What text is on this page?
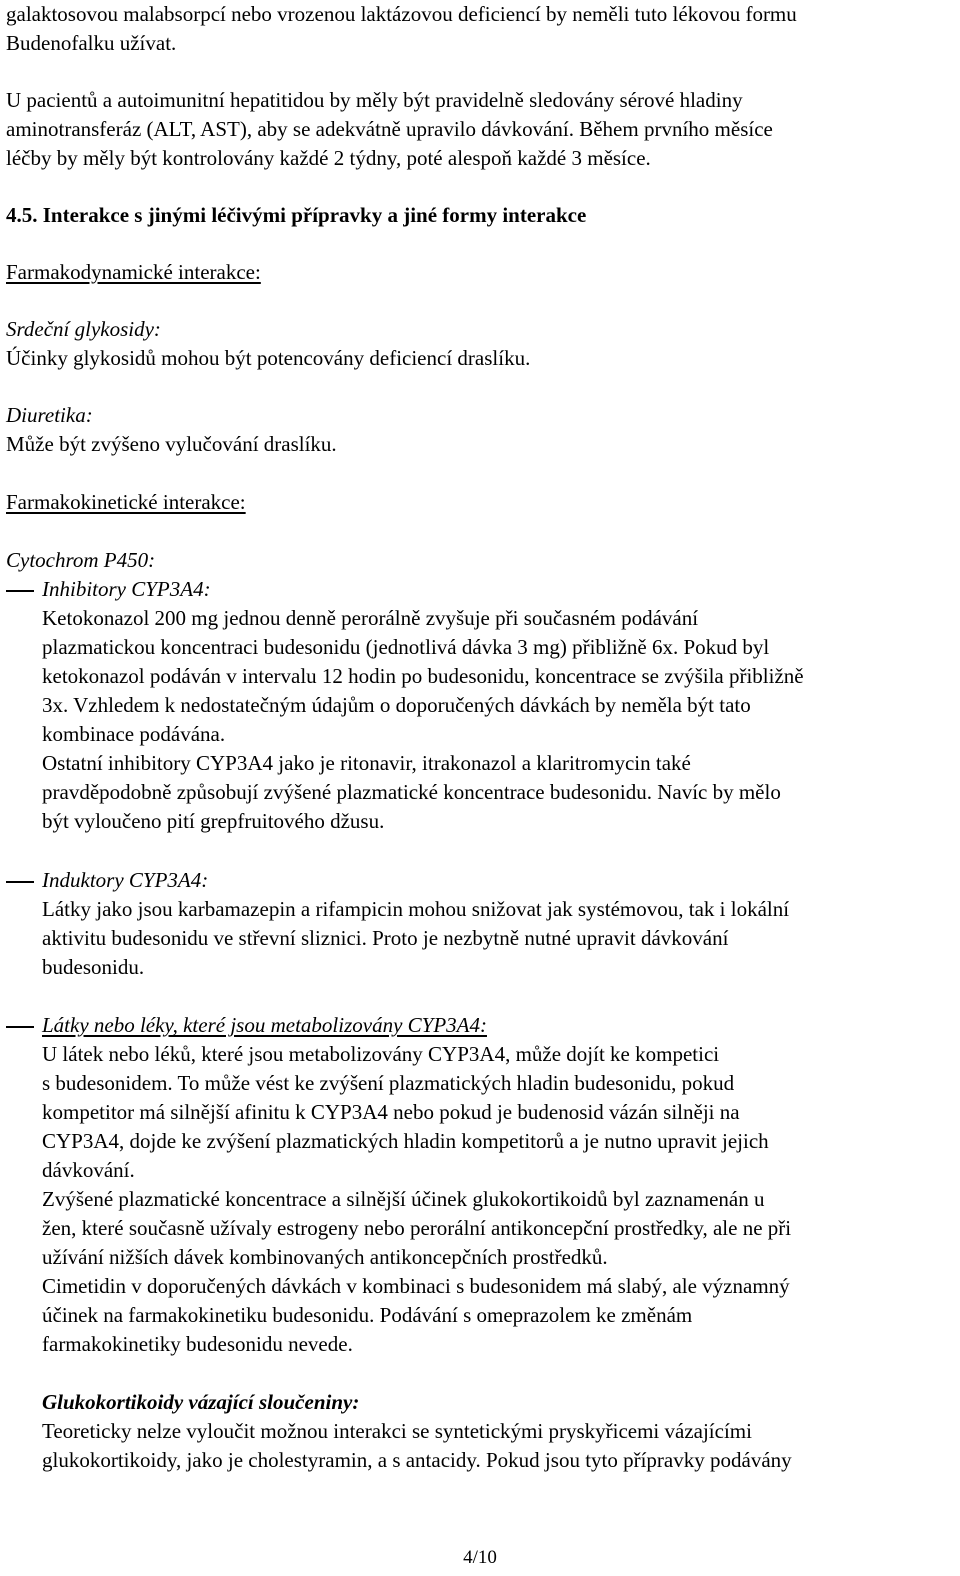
galaktosovou malabsorpcí nebo vrozenou laktázovou deficiencí by neměli tuto lékovou formu
Budenofalku užívat.
U pacientů a autoimunitní hepatitidou by měly být pravidelně sledovány sérové hladiny
aminotransferáz (ALT, AST), aby se adekvátně upravilo dávkování. Během prvního měsíce
léčby by měly být kontrolovány každé 2 týdny, poté alespoň každé 3 měsíce.
4.5. Interakce s jinými léčivými přípravky a jiné formy interakce
Farmakodynamické interakce:
Srdeční glykosidy:
Účinky glykosidů mohou být potencovány deficiencí draslíku.
Diuretika:
Může být zvýšeno vylučování draslíku.
Farmakokinetické interakce:
Cytochrom P450:
Inhibitory CYP3A4:
Ketokonazol 200 mg jednou denně perorálně zvyšuje při současném podávání
plazmatickou koncentraci budesonidu (jednotlivá dávka 3 mg) přibližně 6x. Pokud byl
ketokonazol podáván v intervalu 12 hodin po budesonidu, koncentrace se zvýšila přibližně
3x. Vzhledem k nedostatečným údajům o doporučených dávkách by neměla být tato
kombinace podávána.
Ostatní inhibitory CYP3A4 jako je ritonavir, itrakonazol a klaritromycin také
pravděpodobně způsobují zvýšené plazmatické koncentrace budesonidu. Navíc by mělo
být vyloučeno pití grepfruitového džusu.
Induktory CYP3A4:
Látky jako jsou karbamazepin a rifampicin mohou snižovat jak systémovou, tak i lokální
aktivitu budesonidu ve střevní sliznici. Proto je nezbytně nutné upravit dávkování
budesonidu.
Látky nebo léky, které jsou metabolizovány CYP3A4:
U látek nebo léků, které jsou metabolizovány CYP3A4, může dojít ke kompetici
s budesonidem. To může vést ke zvýšení plazmatických hladin budesonidu, pokud
kompetitor má silnější afinitu k CYP3A4 nebo pokud je budenosid vázán silněji na
CYP3A4, dojde ke zvýšení plazmatických hladin kompetitorů a je nutno upravit jejich
dávkování.
Zvýšené plazmatické koncentrace a silnější účinek glukokortikoidů byl zaznamenán u
žen, které současně užívaly estrogeny nebo perorální antikoncepční prostředky, ale ne při
užívání nižších dávek kombinovaných antikoncepčních prostředků.
Cimetidin v doporučených dávkách v kombinaci s budesonidem má slabý, ale významný
účinek na farmakokinetiku budesonidu. Podávání s omeprazolem ke změnám
farmakokinetiky budesonidu nevede.
Glukokortikoidy vázající sloučeniny:
Teoreticky nelze vyloučit možnou interakci se syntetickými pryskyřicemi vázajícími
glukokortikoidy, jako je cholestyramin, a s antacidy. Pokud jsou tyto přípravky podávány
4/10
